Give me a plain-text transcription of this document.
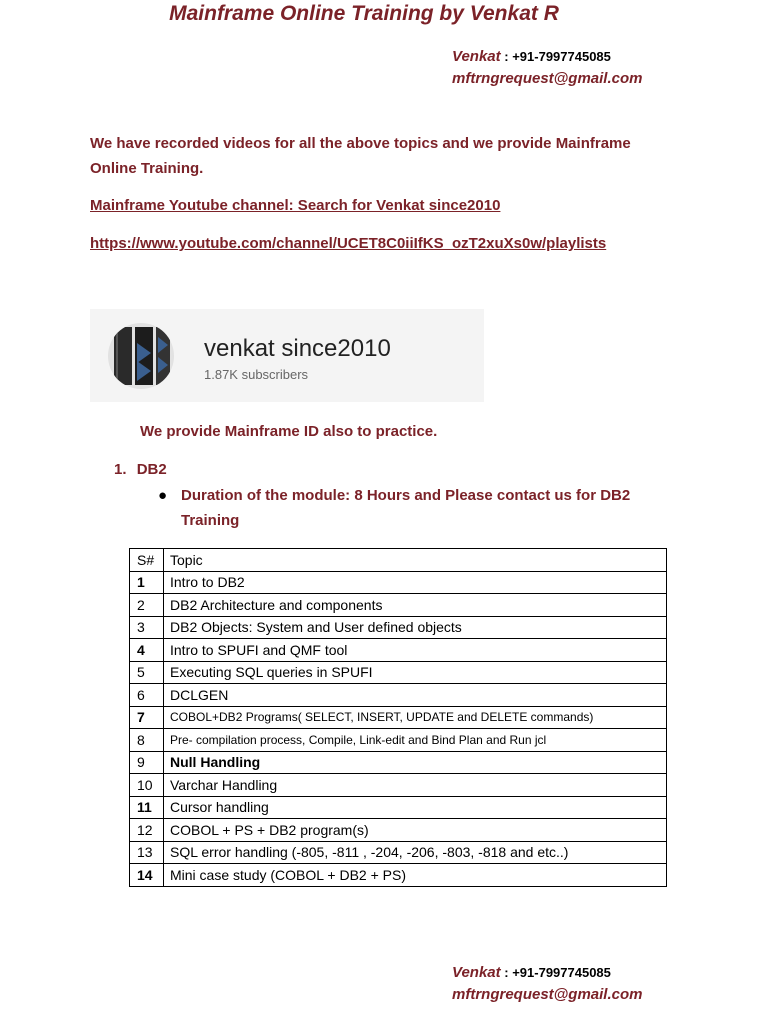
Mainframe Online Training by Venkat R
Venkat : +91-7997745085
mftrngrequest@gmail.com
We have recorded videos for all the above topics and we provide Mainframe
Online Training.
Mainframe Youtube channel: Search for Venkat since2010
https://www.youtube.com/channel/UCET8C0iiIfKS_ozT2xuXs0w/playlists
venkat since2010
1.87K subscribers
We provide Mainframe ID also to practice.
1. DB2
● Duration of the module: 8 Hours and Please contact us for DB2
Training
S#	Topic
1	Intro to DB2
2	DB2 Architecture and components
3	DB2 Objects: System and User defined objects
4	Intro to SPUFI and QMF tool
5	Executing SQL queries in SPUFI
6	DCLGEN
7	COBOL+DB2 Programs( SELECT, INSERT, UPDATE and DELETE commands)
8	Pre- compilation process, Compile, Link-edit and Bind Plan and Run jcl
9	Null Handling
10	Varchar Handling
11	Cursor handling
12	COBOL + PS + DB2 program(s)
13	SQL error handling (-805, -811 , -204, -206, -803, -818 and etc..)
14	Mini case study (COBOL + DB2 + PS)
Venkat : +91-7997745085
mftrngrequest@gmail.com
